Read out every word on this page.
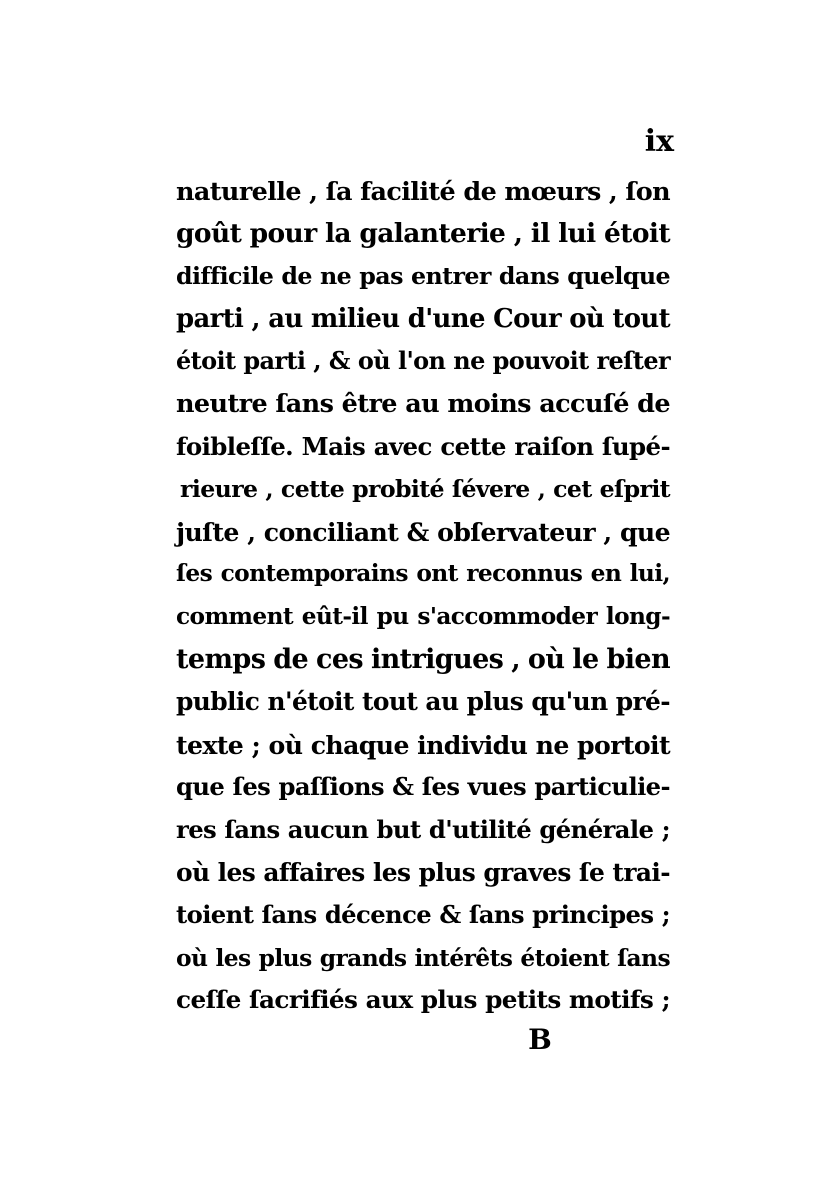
ix
naturelle , ſa facilité de mœurs , ſon
goût pour la galanterie , il lui étoit
difficile de ne pas entrer dans quelque
parti , au milieu d'une Cour où tout
étoit parti , & où l'on ne pouvoit reſter
neutre ſans être au moins accuſé de
foibleſſe. Mais avec cette raiſon ſupé-
rieure , cette probité ſévere , cet eſprit
juſte , conciliant & obſervateur , que
ſes contemporains ont reconnus en lui,
comment eût-il pu s'accommoder long-
temps de ces intrigues , où le bien
public n'étoit tout au plus qu'un pré-
texte ; où chaque individu ne portoit
que ſes paſſions & ſes vues particulie-
res ſans aucun but d'utilité générale ;
où les affaires les plus graves ſe trai-
toient ſans décence & ſans principes ;
où les plus grands intérêts étoient ſans
ceſſe ſacrifiés aux plus petits motifs ;
B
